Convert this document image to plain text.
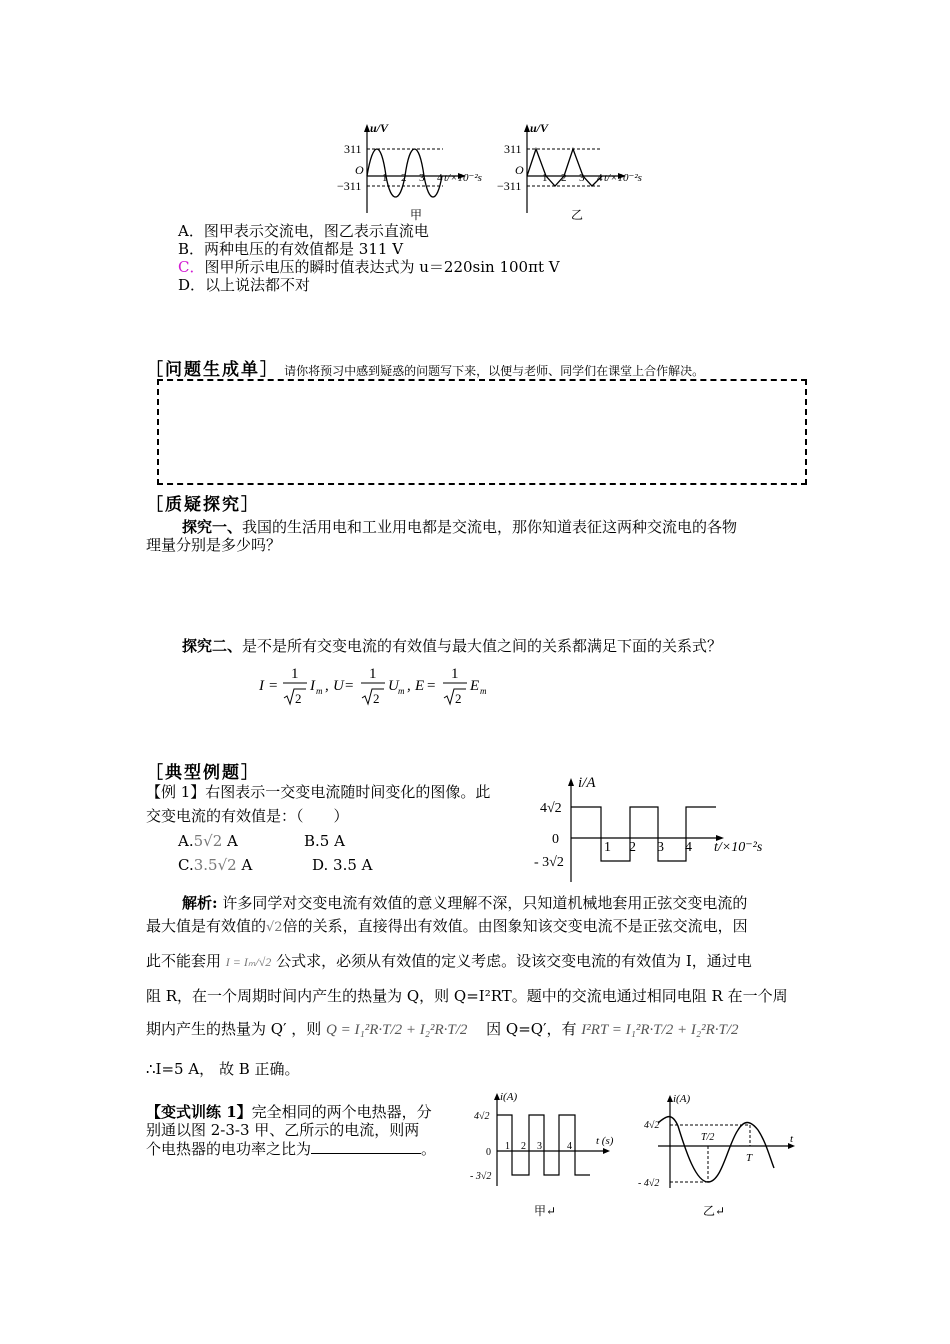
u/V
311
O
−311
1 2 3 4 t/×10⁻²s
甲
u/V
311
O
−311
1 2 3 4 t/×10⁻²s
乙
A．图甲表示交流电，图乙表示直流电
B．两种电压的有效值都是 311 V
C．图甲所示电压的瞬时值表达式为 u＝220sin 100πt V
D．以上说法都不对
［问题生成单］ 请你将预习中感到疑惑的问题写下来，以便与老师、同学们在课堂上合作解决。
［质疑探究］
探究一、我国的生活用电和工业用电都是交流电，那你知道表征这两种交流电的各物
理量分别是多少吗？
探究二、是不是所有交变电流的有效值与最大值之间的关系都满足下面的关系式？
I =
1
2
I m , U =
1
2
U m , E =
1
2
E m
［典型例题］
【例 1】右图表示一交变电流随时间变化的图像。此
交变电流的有效值是：（　　）
A.5√2 A	B.5 A
C.3.5√2 A	D. 3.5 A
i/A
4√2
0
- 3√2
1 2 3 4 t/×10⁻²s
解析: 许多同学对交变电流有效值的意义理解不深，只知道机械地套用正弦交变电流的
最大值是有效值的√2倍的关系，直接得出有效值。由图象知该交变电流不是正弦交流电，因
此不能套用 I = Iₘ/√2 公式求，必须从有效值的定义考虑。设该交变电流的有效值为 I，通过电
阻 R，在一个周期时间内产生的热量为 Q，则 Q=I²RT。题中的交流电通过相同电阻 R 在一个周
期内产生的热量为 Q′ ，则 Q = I₁²R·T/2 + I₂²R·T/2 因 Q=Q′，有 I²RT = I₁²R·T/2 + I₂²R·T/2
∴I=5 A， 故 B 正确。
【变式训练 1】完全相同的两个电热器，分
别通以图 2-3-3 甲、乙所示的电流，则两
个电热器的电功率之比为	。
i(A)
4√2
0
- 3√2
1 2 3	4 t (s)
甲↵
i(A)
4√2
- 4√2
T/2
T
t
乙↵
